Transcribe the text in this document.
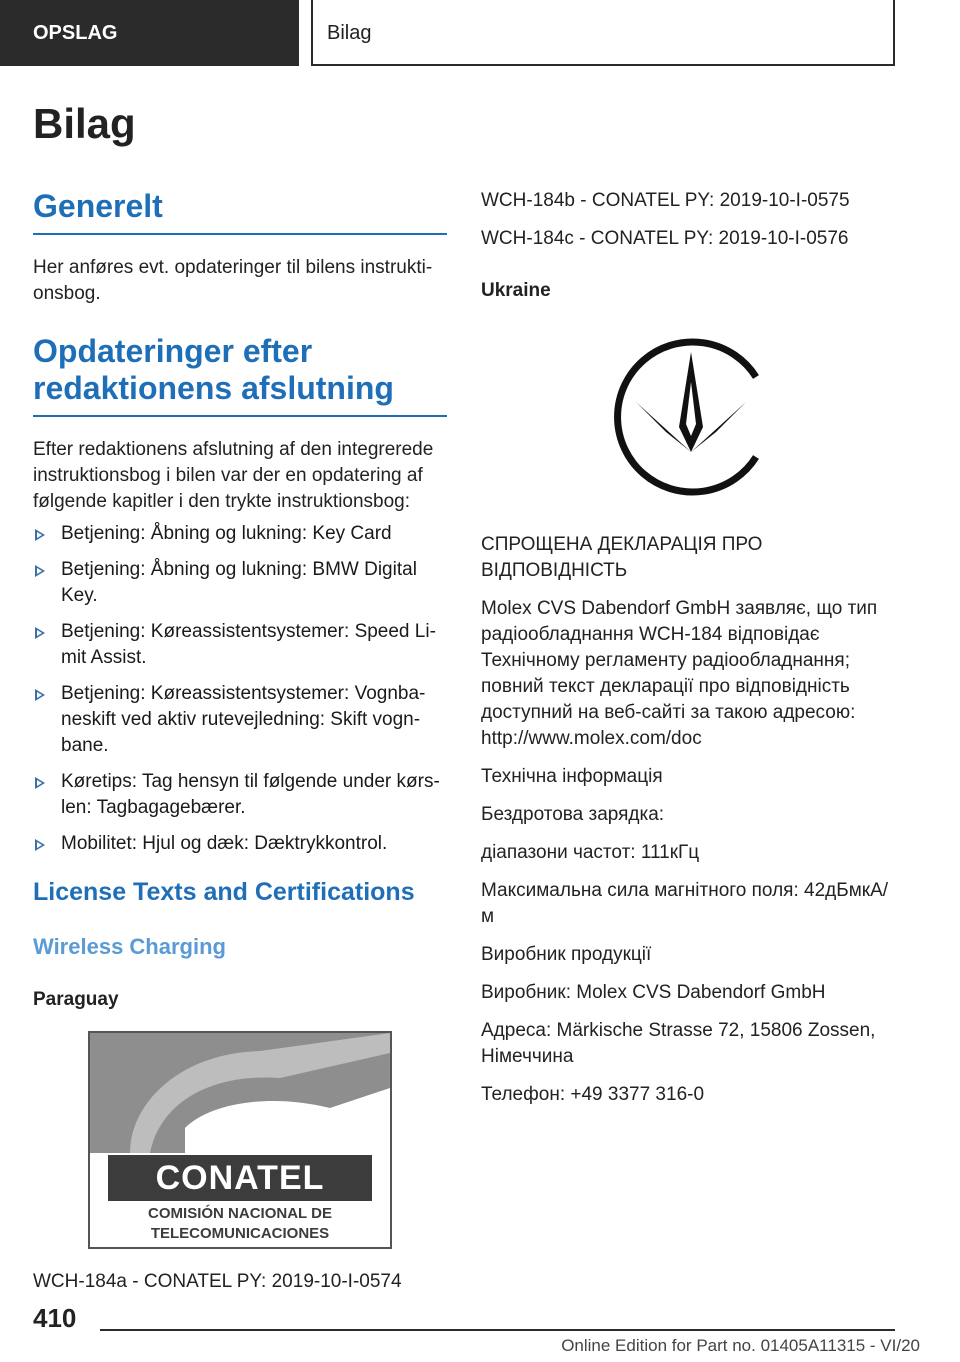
OPSLAG	Bilag
Bilag
Generelt

Her anføres evt. opdateringer til bilens instrukti-onsbog.

Opdateringer efter
redaktionens afslutning

Efter redaktionens afslutning af den integrerede instruktionsbog i bilen var der en opdatering af følgende kapitler i den trykte instruktionsbog:

Betjening: Åbning og lukning: Key Card
Betjening: Åbning og lukning: BMW Digital Key.
Betjening: Køreassistentsystemer: Speed Li-mit Assist.
Betjening: Køreassistentsystemer: Vognba-neskift ved aktiv rutevejledning: Skift vogn-bane.
Køretips: Tag hensyn til følgende under kørs-len: Tagbagagebærer.
Mobilitet: Hjul og dæk: Dæktrykkontrol.
License Texts and Certifications
Wireless Charging
Paraguay
CONATEL
COMISIÓN NACIONAL DE
TELECOMUNICACIONES

WCH-184a - CONATEL PY: 2019-10-I-0574

WCH-184b - CONATEL PY: 2019-10-I-0575

WCH-184c - CONATEL PY: 2019-10-I-0576

Ukraine

СПРОЩЕНА ДЕКЛАРАЦІЯ ПРО ВІДПОВІДНІСТЬ

Molex CVS Dabendorf GmbH заявляє, що тип радіообладнання WCH-184 відповідає Технічному регламенту радіообладнання; повний текст декларації про відповідність доступний на веб-сайті за такою адресою: http://www.molex.com/doc

Технічна інформація

Бездротова зарядка:

діапазони частот: 111кГц

Максимальна сила магнітного поля: 42дБмкА/м

Виробник продукції

Виробник: Molex CVS Dabendorf GmbH

Адреса: Märkische Strasse 72, 15806 Zossen, Німеччина

Телефон: +49 3377 316-0

410
Online Edition for Part no. 01405A11315 - VI/20
